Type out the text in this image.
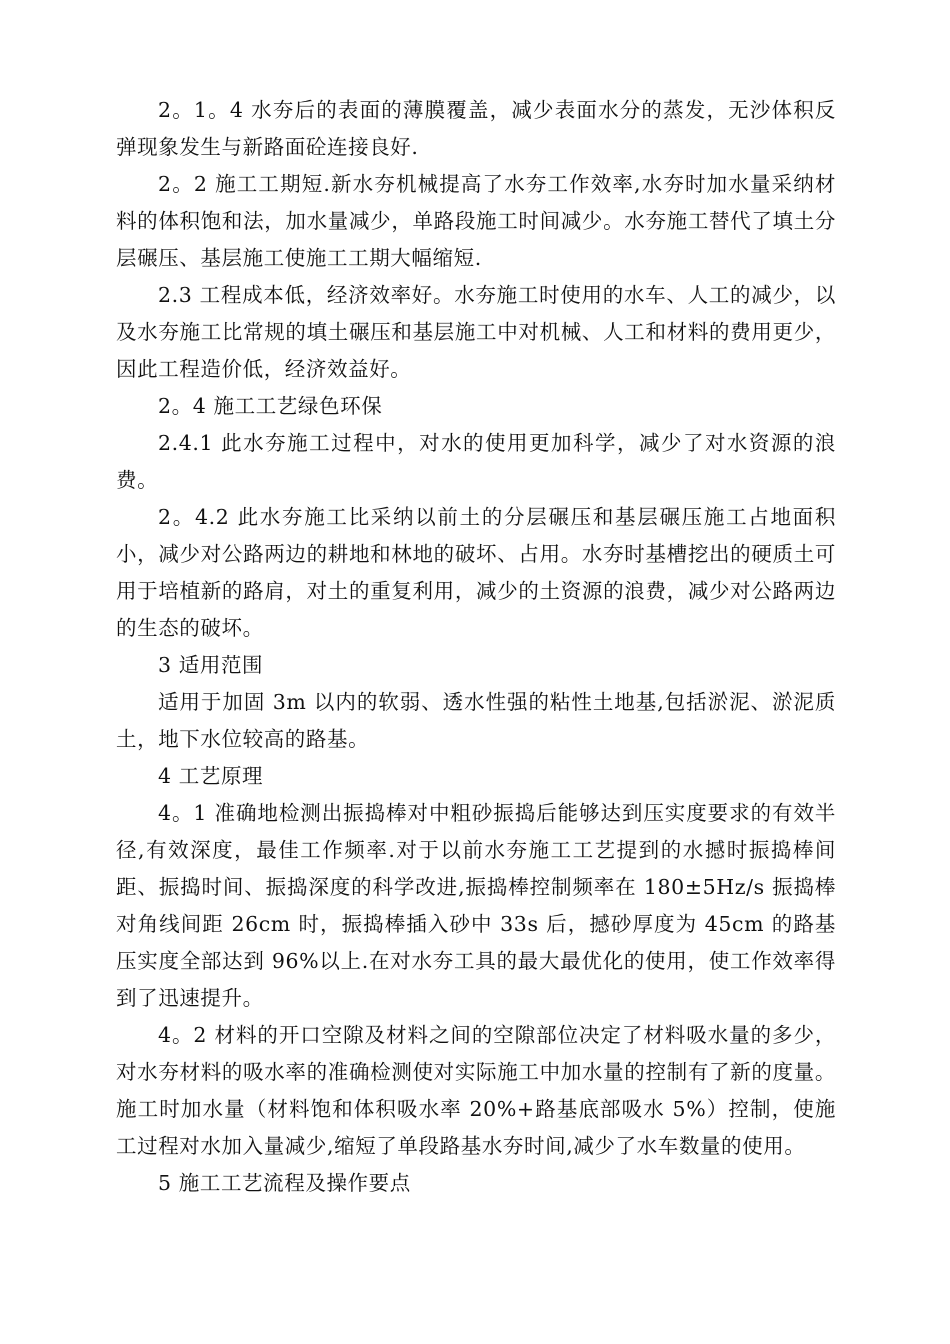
2。1。4 水夯后的表面的薄膜覆盖，减少表面水分的蒸发，无沙体积反弹现象发生与新路面砼连接良好.

2。2 施工工期短.新水夯机械提高了水夯工作效率,水夯时加水量采纳材料的体积饱和法，加水量减少，单路段施工时间减少。水夯施工替代了填土分层碾压、基层施工使施工工期大幅缩短.

2.3 工程成本低，经济效率好。水夯施工时使用的水车、人工的减少，以及水夯施工比常规的填土碾压和基层施工中对机械、人工和材料的费用更少，因此工程造价低，经济效益好。

2。4 施工工艺绿色环保

2.4.1 此水夯施工过程中，对水的使用更加科学，减少了对水资源的浪费。

2。4.2 此水夯施工比采纳以前土的分层碾压和基层碾压施工占地面积小，减少对公路两边的耕地和林地的破坏、占用。水夯时基槽挖出的硬质土可用于培植新的路肩，对土的重复利用，减少的土资源的浪费，减少对公路两边的生态的破坏。

3 适用范围

适用于加固 3m 以内的软弱、透水性强的粘性土地基,包括淤泥、淤泥质土，地下水位较高的路基。

4 工艺原理

4。1 准确地检测出振捣棒对中粗砂振捣后能够达到压实度要求的有效半径,有效深度，最佳工作频率.对于以前水夯施工工艺提到的水撼时振捣棒间距、振捣时间、振捣深度的科学改进,振捣棒控制频率在 180±5Hz/s 振捣棒对角线间距 26cm 时，振捣棒插入砂中 33s 后，撼砂厚度为 45cm 的路基压实度全部达到 96%以上.在对水夯工具的最大最优化的使用，使工作效率得到了迅速提升。

4。2 材料的开口空隙及材料之间的空隙部位决定了材料吸水量的多少，对水夯材料的吸水率的准确检测使对实际施工中加水量的控制有了新的度量。施工时加水量（材料饱和体积吸水率 20%+路基底部吸水 5%）控制，使施工过程对水加入量减少,缩短了单段路基水夯时间,减少了水车数量的使用。

5 施工工艺流程及操作要点
